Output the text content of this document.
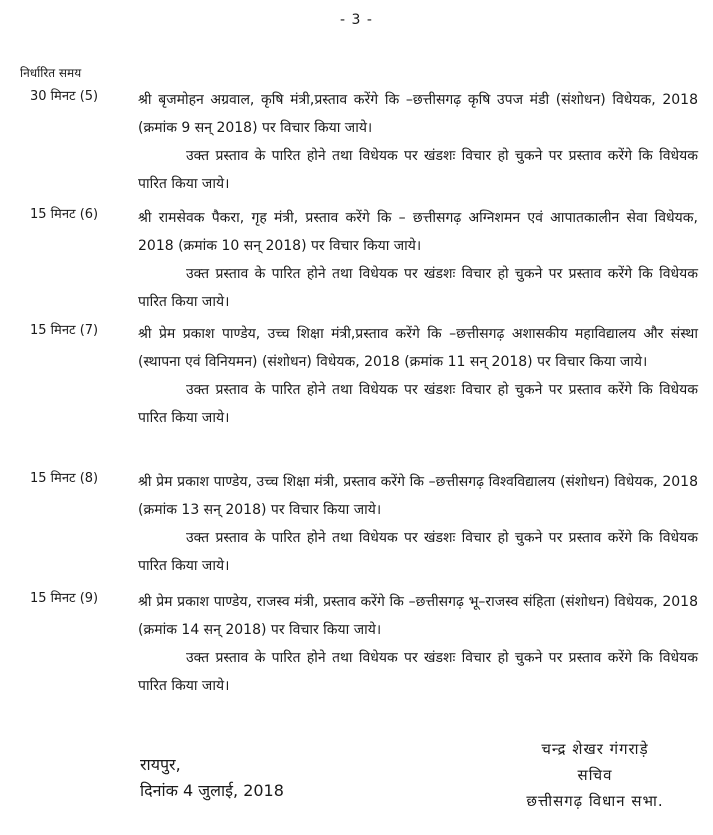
- 3 -
निर्धारित समय
30 मिनट (5)	श्री बृजमोहन अग्रवाल, कृषि मंत्री,प्रस्ताव करेंगे कि –छत्तीसगढ़ कृषि उपज मंडी (संशोधन) विधेयक, 2018 (क्रमांक 9 सन् 2018) पर विचार किया जाये।

उक्त प्रस्ताव के पारित होने तथा विधेयक पर खंडशः विचार हो चुकने पर प्रस्ताव करेंगे कि विधेयक पारित किया जाये।

15 मिनट (6)	श्री रामसेवक पैकरा, गृह मंत्री, प्रस्ताव करेंगे कि – छत्तीसगढ़ अग्निशमन एवं आपातकालीन सेवा विधेयक, 2018 (क्रमांक 10 सन् 2018) पर विचार किया जाये।

उक्त प्रस्ताव के पारित होने तथा विधेयक पर खंडशः विचार हो चुकने पर प्रस्ताव करेंगे कि विधेयक पारित किया जाये।

15 मिनट (7)	श्री प्रेम प्रकाश पाण्डेय, उच्च शिक्षा मंत्री,प्रस्ताव करेंगे कि –छत्तीसगढ़ अशासकीय महाविद्यालय और संस्था (स्थापना एवं विनियमन) (संशोधन) विधेयक, 2018 (क्रमांक 11 सन् 2018) पर विचार किया जाये।

उक्त प्रस्ताव के पारित होने तथा विधेयक पर खंडशः विचार हो चुकने पर प्रस्ताव करेंगे कि विधेयक पारित किया जाये।

15 मिनट (8)	श्री प्रेम प्रकाश पाण्डेय, उच्च शिक्षा मंत्री, प्रस्ताव करेंगे कि –छत्तीसगढ़ विश्वविद्यालय (संशोधन) विधेयक, 2018 (क्रमांक 13 सन् 2018) पर विचार किया जाये।

उक्त प्रस्ताव के पारित होने तथा विधेयक पर खंडशः विचार हो चुकने पर प्रस्ताव करेंगे कि विधेयक पारित किया जाये।

15 मिनट (9)	श्री प्रेम प्रकाश पाण्डेय, राजस्व मंत्री, प्रस्ताव करेंगे कि –छत्तीसगढ़ भू–राजस्व संहिता (संशोधन) विधेयक, 2018 (क्रमांक 14 सन् 2018) पर विचार किया जाये।

उक्त प्रस्ताव के पारित होने तथा विधेयक पर खंडशः विचार हो चुकने पर प्रस्ताव करेंगे कि विधेयक पारित किया जाये।

रायपुर,
दिनांक 4 जुलाई, 2018
चन्द्र शेखर गंगराड़े
सचिव
छत्तीसगढ़ विधान सभा.
